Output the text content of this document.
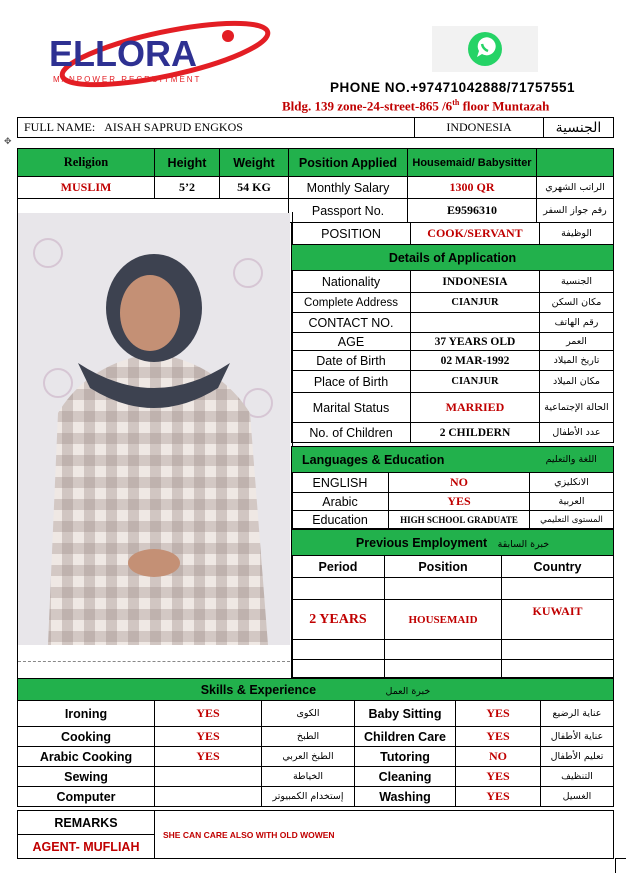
ELLORA
MANPOWER RECRUITMENT
PHONE NO.+97471042888/71757551
Bldg. 139 zone-24-street-865 /6th floor Muntazah
✥
FULL NAME: AISAH SAPRUD ENGKOS	INDONESIA	الجنسية
Religion	Height	Weight	Position Applied	Housemaid/ Babysitter	
MUSLIM	5’2	54 KG	Monthly Salary	1300 QR	الراتب الشهري
			Passport No.	E9596310	رقم جواز السفر
POSITION	COOK/SERVANT	الوظيفة
Details of Application		
Nationality	INDONESIA	الجنسية
Complete Address	CIANJUR	مكان السكن
CONTACT NO.		رقم الهاتف
AGE	37 YEARS OLD	العمر
Date of Birth	02 MAR-1992	تاريخ الميلاد
Place of Birth	CIANJUR	مكان الميلاد
Marital Status	MARRIED	الحالة الإجتماعية
No. of Children	2 CHILDERN	عدد الأطفال
Languages & Education		اللغة والتعليم
ENGLISH	NO	الانكليزي
Arabic	YES	العربية
Education	HIGH SCHOOL GRADUATE	المستوى التعليمي
Previous Employment خبرة السابقة		
Period	Position	Country

2 YEARS	HOUSEMAID	KUWAIT

Skills & Experience خبرة العمل					
Ironing	YES	الكوى	Baby Sitting	YES	عناية الرضيع
Cooking	YES	الطبخ	Children Care	YES	عناية الأطفال
Arabic Cooking	YES	الطبخ العربي	Tutoring	NO	تعليم الأطفال
Sewing		الخياطة	Cleaning	YES	التنظيف
Computer		إستخدام الكمبيوتر	Washing	YES	الغسيل
REMARKS	SHE CAN CARE ALSO WITH OLD WOWEN	
AGENT- MUFLIAH
